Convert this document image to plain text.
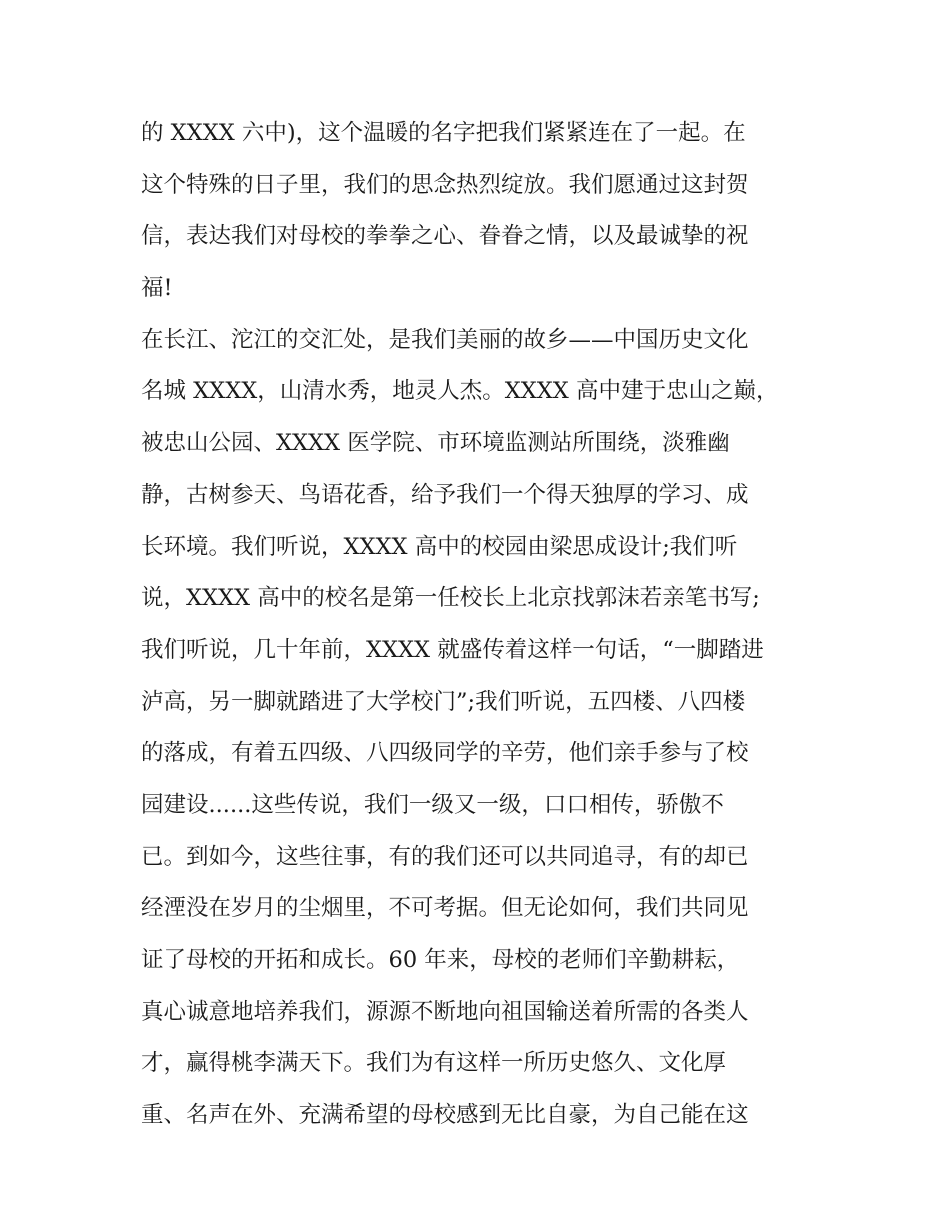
的 XXXX 六中)，这个温暖的名字把我们紧紧连在了一起。在
这个特殊的日子里，我们的思念热烈绽放。我们愿通过这封贺
信，表达我们对母校的拳拳之心、眷眷之情，以及最诚挚的祝
福!
在长江、沱江的交汇处，是我们美丽的故乡——中国历史文化
名城 XXXX，山清水秀，地灵人杰。XXXX 高中建于忠山之巅，
被忠山公园、XXXX 医学院、市环境监测站所围绕，淡雅幽
静，古树参天、鸟语花香，给予我们一个得天独厚的学习、成
长环境。我们听说，XXXX 高中的校园由梁思成设计;我们听
说，XXXX 高中的校名是第一任校长上北京找郭沫若亲笔书写;
我们听说，几十年前，XXXX 就盛传着这样一句话，“一脚踏进
泸高，另一脚就踏进了大学校门”;我们听说，五四楼、八四楼
的落成，有着五四级、八四级同学的辛劳，他们亲手参与了校
园建设......这些传说，我们一级又一级，口口相传，骄傲不
已。到如今，这些往事，有的我们还可以共同追寻，有的却已
经湮没在岁月的尘烟里，不可考据。但无论如何，我们共同见
证了母校的开拓和成长。60 年来，母校的老师们辛勤耕耘，
真心诚意地培养我们，源源不断地向祖国输送着所需的各类人
才，赢得桃李满天下。我们为有这样一所历史悠久、文化厚
重、名声在外、充满希望的母校感到无比自豪，为自己能在这
